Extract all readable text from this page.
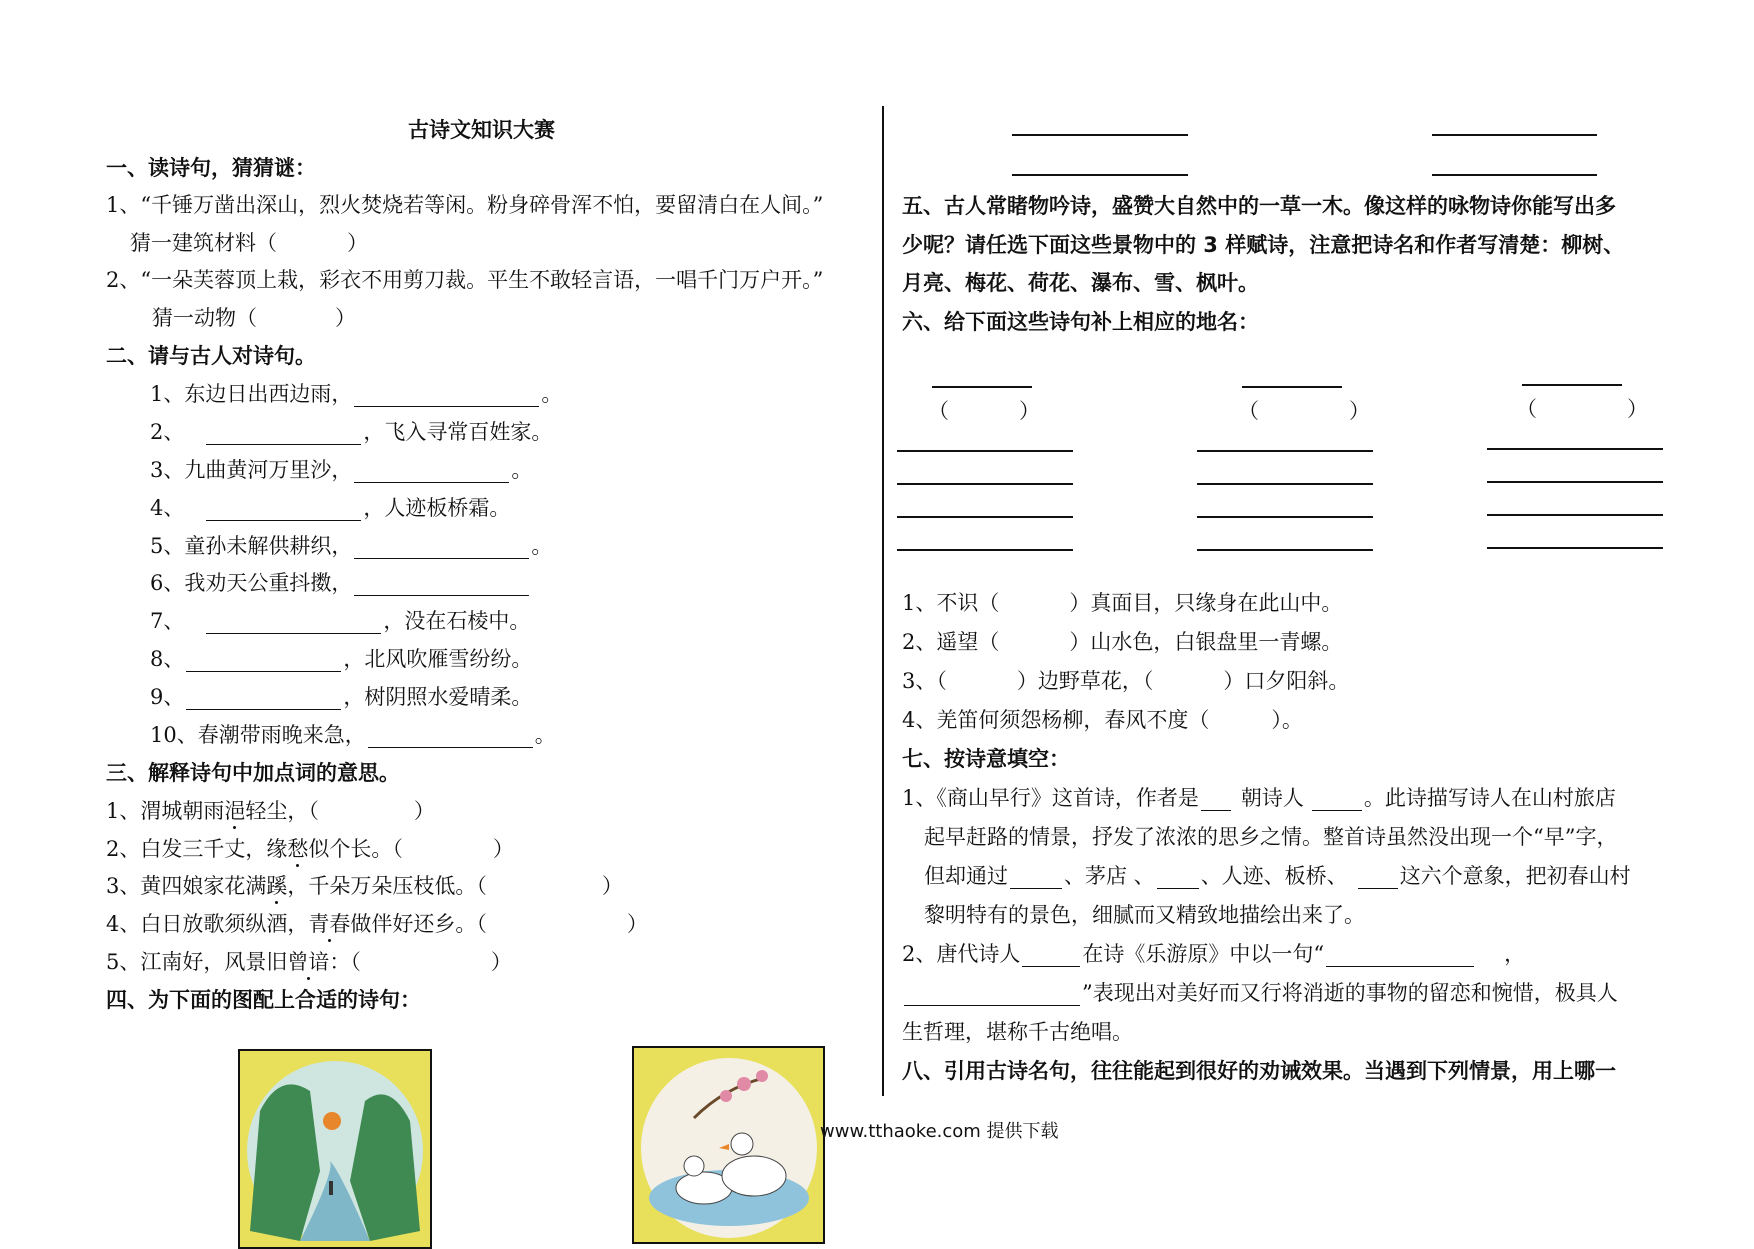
古诗文知识大赛
一、读诗句，猜猜谜：
1、“千锤万凿出深山，烈火焚烧若等闲。粉身碎骨浑不怕，要留清白在人间。”
猜一建筑材料（	）
2、“一朵芙蓉顶上栽，彩衣不用剪刀裁。平生不敢轻言语，一唱千门万户开。”
猜一动物（	）
二、请与古人对诗句。
1、东边日出西边雨，	。
2、	，飞入寻常百姓家。
3、九曲黄河万里沙，	。
4、	，人迹板桥霜。
5、童孙未解供耕织，	。
6、我劝天公重抖擞，
7、	，没在石棱中。
8、	，北风吹雁雪纷纷。
9、	，树阴照水爱晴柔。
10、春潮带雨晚来急，	。
三、解释诗句中加点词的意思。
1、渭城朝雨浥轻尘，（	）
2、白发三千丈，缘愁似个长。（	）
3、黄四娘家花满蹊，千朵万朵压枝低。（	）
4、白日放歌须纵酒，青春做伴好还乡。（	）
5、江南好，风景旧曾谙：（	）
四、为下面的图配上合适的诗句：
www.tthaoke.com 提供下载
五、古人常睹物吟诗，盛赞大自然中的一草一木。像这样的咏物诗你能写出多
少呢？请任选下面这些景物中的 3 样赋诗，注意把诗名和作者写清楚：柳树、
月亮、梅花、荷花、瀑布、雪、枫叶。
六、给下面这些诗句补上相应的地名：
（	）	（	）	（	）
1、不识（	）真面目，只缘身在此山中。
2、遥望（	）山水色，白银盘里一青螺。
3、（	）边野草花，（	）口夕阳斜。
4、羌笛何须怨杨柳，春风不度（	）。
七、按诗意填空：
1、《商山早行》这首诗，作者是 朝诗人	。此诗描写诗人在山村旅店
起早赶路的情景，抒发了浓浓的思乡之情。整首诗虽然没出现一个“早”字，
但却通过	、茅店 、 、人迹、板桥、 这六个意象，把初春山村
黎明特有的景色，细腻而又精致地描绘出来了。
2、唐代诗人	在诗《乐游原》中以一句“	，
”表现出对美好而又行将消逝的事物的留恋和惋惜，极具人
生哲理，堪称千古绝唱。
八、引用古诗名句，往往能起到很好的劝诫效果。当遇到下列情景，用上哪一
